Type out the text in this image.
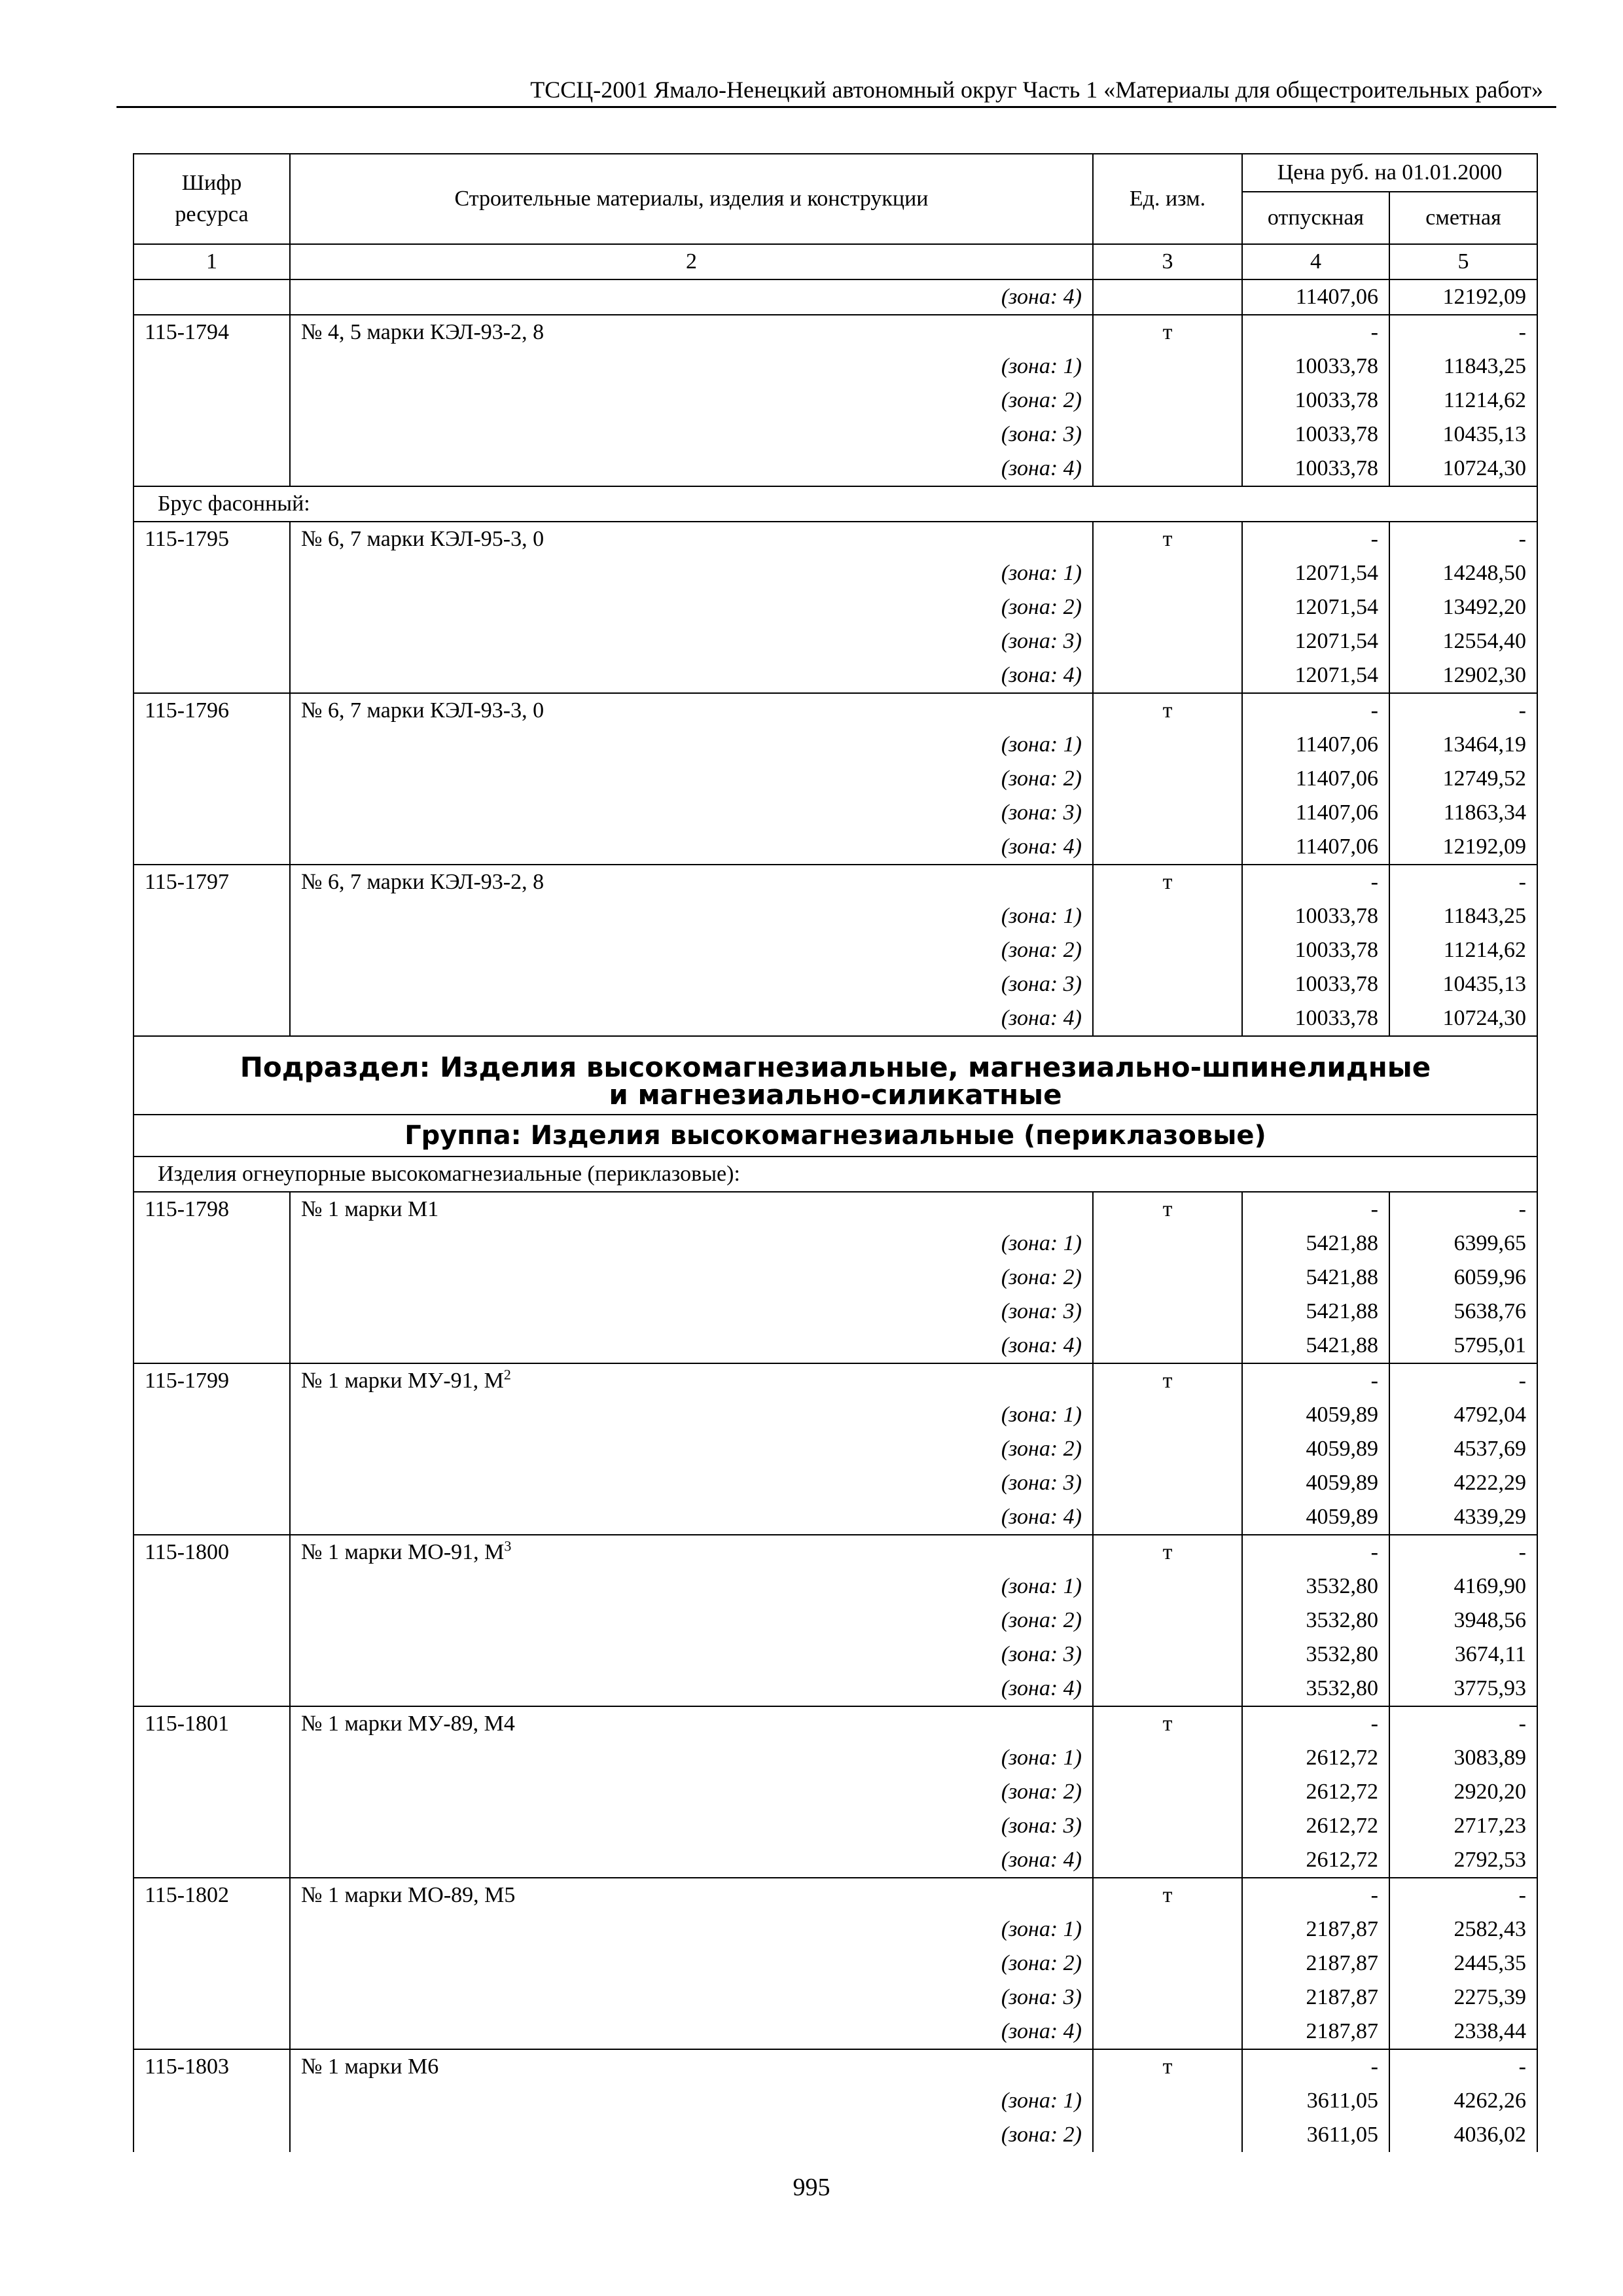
ТССЦ-2001 Ямало-Ненецкий автономный округ Часть 1 «Материалы для общестроительных работ»
Шифр ресурса	Строительные материалы, изделия и конструкции	Ед. изм.	Цена руб. на 01.01.2000	
			отпускная	сметная
1	2	3	4	5
	(зона: 4)		11407,06	12192,09
115-1794	№ 4, 5 марки КЭЛ-93-2, 8	т	-	-
	(зона: 1)		10033,78	11843,25
	(зона: 2)		10033,78	11214,62
	(зона: 3)		10033,78	10435,13
	(зона: 4)		10033,78	10724,30
Брус фасонный:				
115-1795	№ 6, 7 марки КЭЛ-95-3, 0	т	-	-
	(зона: 1)		12071,54	14248,50
	(зона: 2)		12071,54	13492,20
	(зона: 3)		12071,54	12554,40
	(зона: 4)		12071,54	12902,30
115-1796	№ 6, 7 марки КЭЛ-93-3, 0	т	-	-
	(зона: 1)		11407,06	13464,19
	(зона: 2)		11407,06	12749,52
	(зона: 3)		11407,06	11863,34
	(зона: 4)		11407,06	12192,09
115-1797	№ 6, 7 марки КЭЛ-93-2, 8	т	-	-
	(зона: 1)		10033,78	11843,25
	(зона: 2)		10033,78	11214,62
	(зона: 3)		10033,78	10435,13
	(зона: 4)		10033,78	10724,30
Подраздел: Изделия высокомагнезиальные, магнезиально-шпинелидные и магнезиально-силикатные				
Группа: Изделия высокомагнезиальные (периклазовые)				
Изделия огнеупорные высокомагнезиальные (периклазовые):				
115-1798	№ 1 марки М1	т	-	-
	(зона: 1)		5421,88	6399,65
	(зона: 2)		5421,88	6059,96
	(зона: 3)		5421,88	5638,76
	(зона: 4)		5421,88	5795,01
115-1799	№ 1 марки МУ-91, $М^2$	т	-	-
	(зона: 1)		4059,89	4792,04
	(зона: 2)		4059,89	4537,69
	(зона: 3)		4059,89	4222,29
	(зона: 4)		4059,89	4339,29
115-1800	№ 1 марки МО-91, $М^3$	т	-	-
	(зона: 1)		3532,80	4169,90
	(зона: 2)		3532,80	3948,56
	(зона: 3)		3532,80	3674,11
	(зона: 4)		3532,80	3775,93
115-1801	№ 1 марки МУ-89, М4	т	-	-
	(зона: 1)		2612,72	3083,89
	(зона: 2)		2612,72	2920,20
	(зона: 3)		2612,72	2717,23
	(зона: 4)		2612,72	2792,53
115-1802	№ 1 марки МО-89, М5	т	-	-
	(зона: 1)		2187,87	2582,43
	(зона: 2)		2187,87	2445,35
	(зона: 3)		2187,87	2275,39
	(зона: 4)		2187,87	2338,44
115-1803	№ 1 марки М6	т	-	-
	(зона: 1)		3611,05	4262,26
	(зона: 2)		3611,05	4036,02
995
